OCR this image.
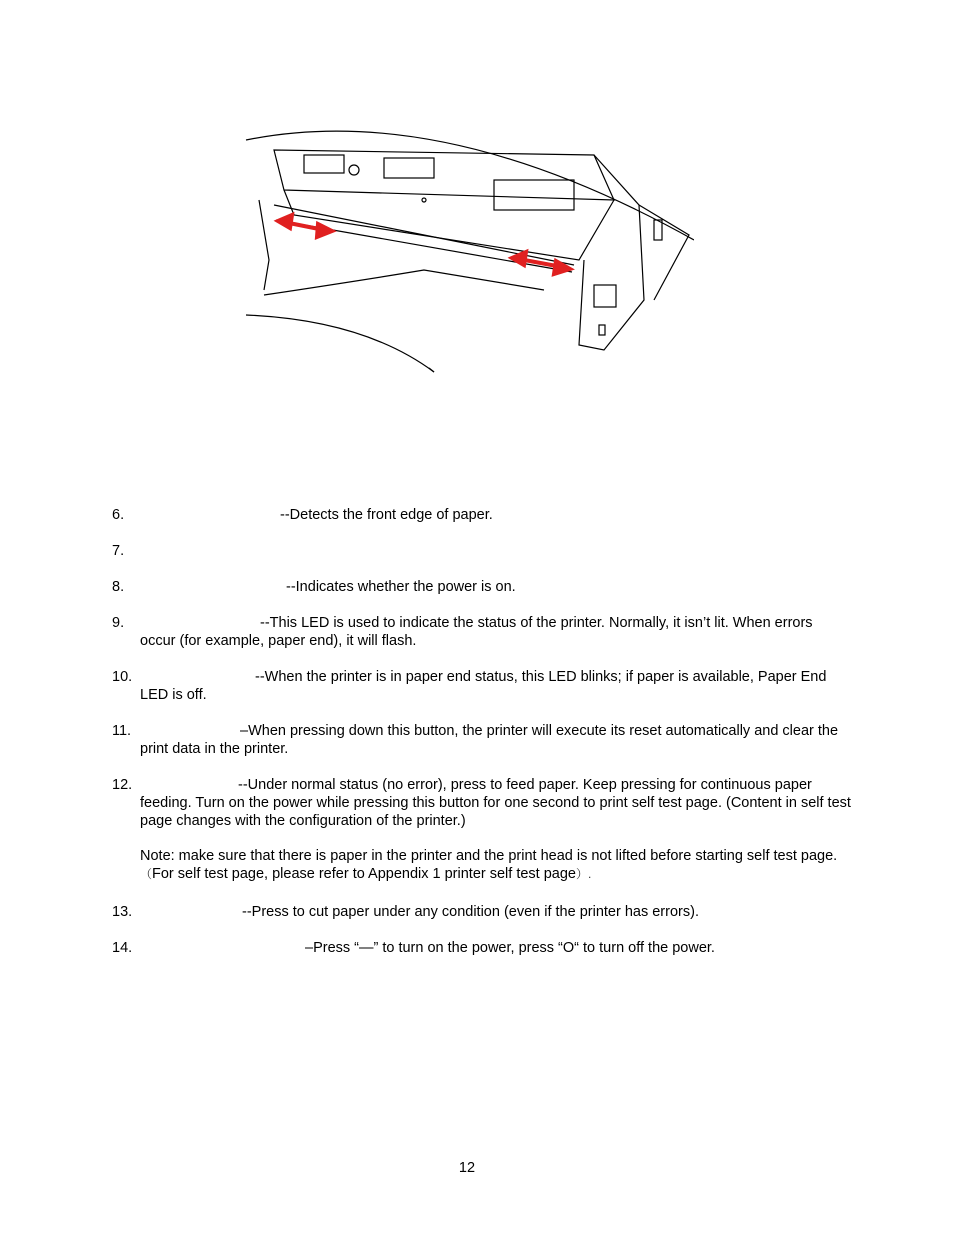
6.	--Detects the front edge of paper.
7.
8.	--Indicates whether the power is on.
9.	--This LED is used to indicate the status of the printer. Normally, it isn’t lit. When errors occur (for example, paper end), it will flash.
10.	--When the printer is in paper end status, this LED blinks; if paper is available, Paper End LED is off.
11.	–When pressing down this button, the printer will execute its reset automatically and clear the print data in the printer.
12.	--Under normal status (no error), press to feed paper. Keep pressing for continuous paper feeding. Turn on the power while pressing this button for one second to print self test page. (Content in self test page changes with the configuration of the printer.)
Note: make sure that there is paper in the printer and the print head is not lifted before starting self test page. （For self test page, please refer to Appendix 1 printer self test page）.
13.	--Press to cut paper under any condition (even if the printer has errors).
14.	–Press “—” to turn on the power, press “O“ to turn off the power.
12
